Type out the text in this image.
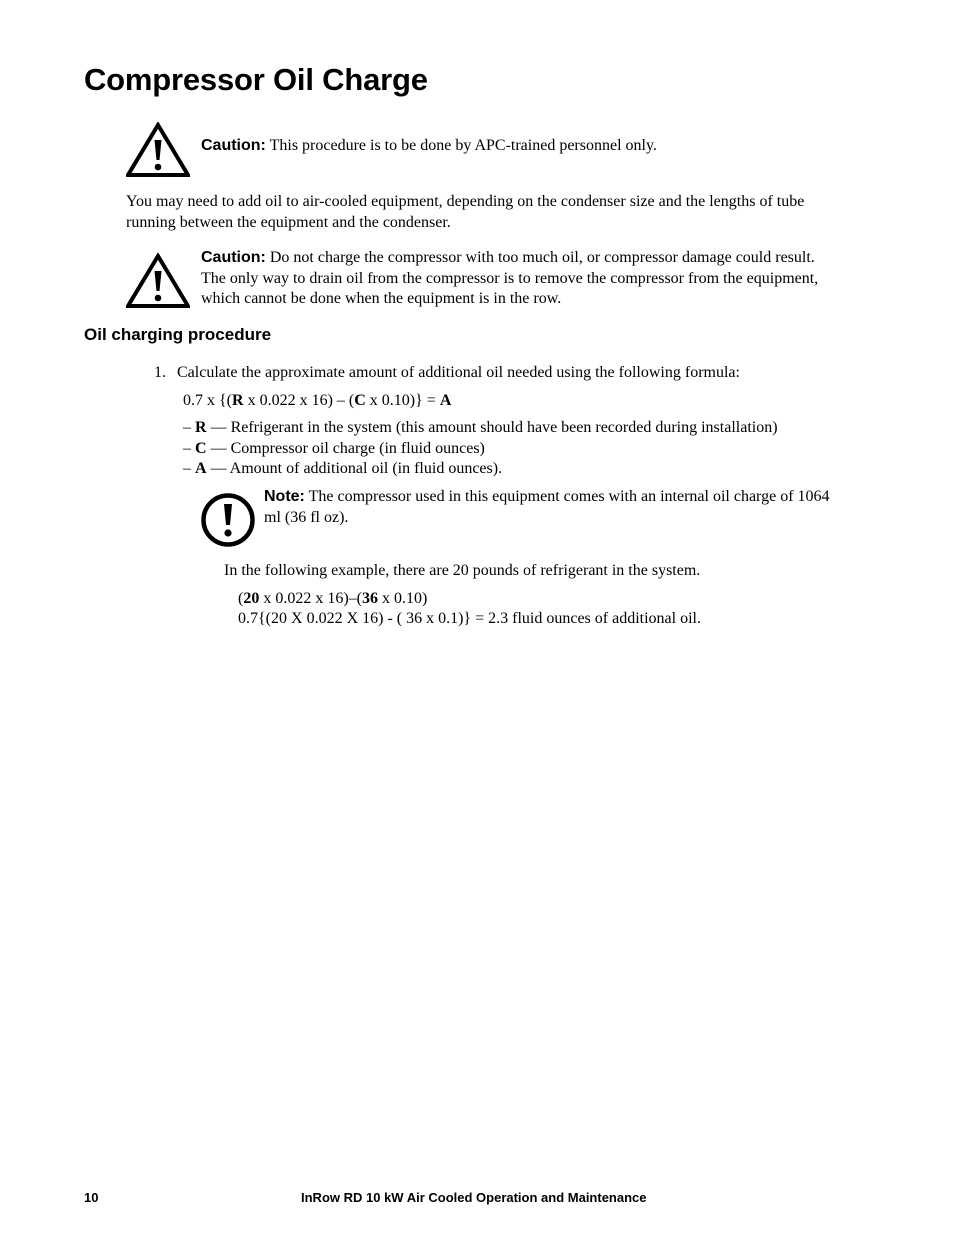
Compressor Oil Charge
Caution: This procedure is to be done by APC-trained personnel only.
You may need to add oil to air-cooled equipment, depending on the condenser size and the lengths of tube running between the equipment and the condenser.
Caution: Do not charge the compressor with too much oil, or compressor damage could result. The only way to drain oil from the compressor is to remove the compressor from the equipment, which cannot be done when the equipment is in the row.
Oil charging procedure
1. Calculate the approximate amount of additional oil needed using the following formula:
0.7 x {(R x 0.022 x 16) – (C x 0.10)} = A
– R — Refrigerant in the system (this amount should have been recorded during installation)
– C — Compressor oil charge (in fluid ounces)
– A — Amount of additional oil (in fluid ounces).
Note: The compressor used in this equipment comes with an internal oil charge of 1064 ml (36 fl oz).
In the following example, there are 20 pounds of refrigerant in the system.
(20 x 0.022 x 16)–(36 x 0.10)
0.7{(20 X 0.022 X 16) - ( 36 x 0.1)} = 2.3 fluid ounces of additional oil.
10	InRow RD 10 kW Air Cooled Operation and Maintenance
